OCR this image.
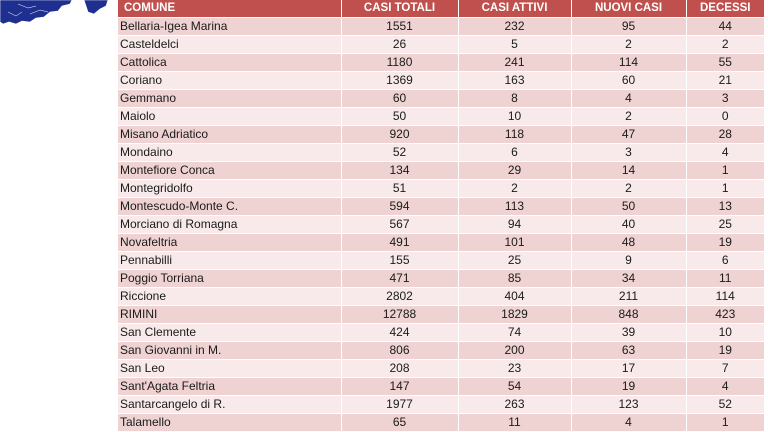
COMUNE	CASI TOTALI	CASI ATTIVI	NUOVI CASI	DECESSI
Bellaria-Igea Marina	1551	232	95	44
Casteldelci	26	5	2	2
Cattolica	1180	241	114	55
Coriano	1369	163	60	21
Gemmano	60	8	4	3
Maiolo	50	10	2	0
Misano Adriatico	920	118	47	28
Mondaino	52	6	3	4
Montefiore Conca	134	29	14	1
Montegridolfo	51	2	2	1
Montescudo-Monte C.	594	113	50	13
Morciano di Romagna	567	94	40	25
Novafeltria	491	101	48	19
Pennabilli	155	25	9	6
Poggio Torriana	471	85	34	11
Riccione	2802	404	211	114
RIMINI	12788	1829	848	423
San Clemente	424	74	39	10
San Giovanni in M.	806	200	63	19
San Leo	208	23	17	7
Sant'Agata Feltria	147	54	19	4
Santarcangelo di R.	1977	263	123	52
Talamello	65	11	4	1
